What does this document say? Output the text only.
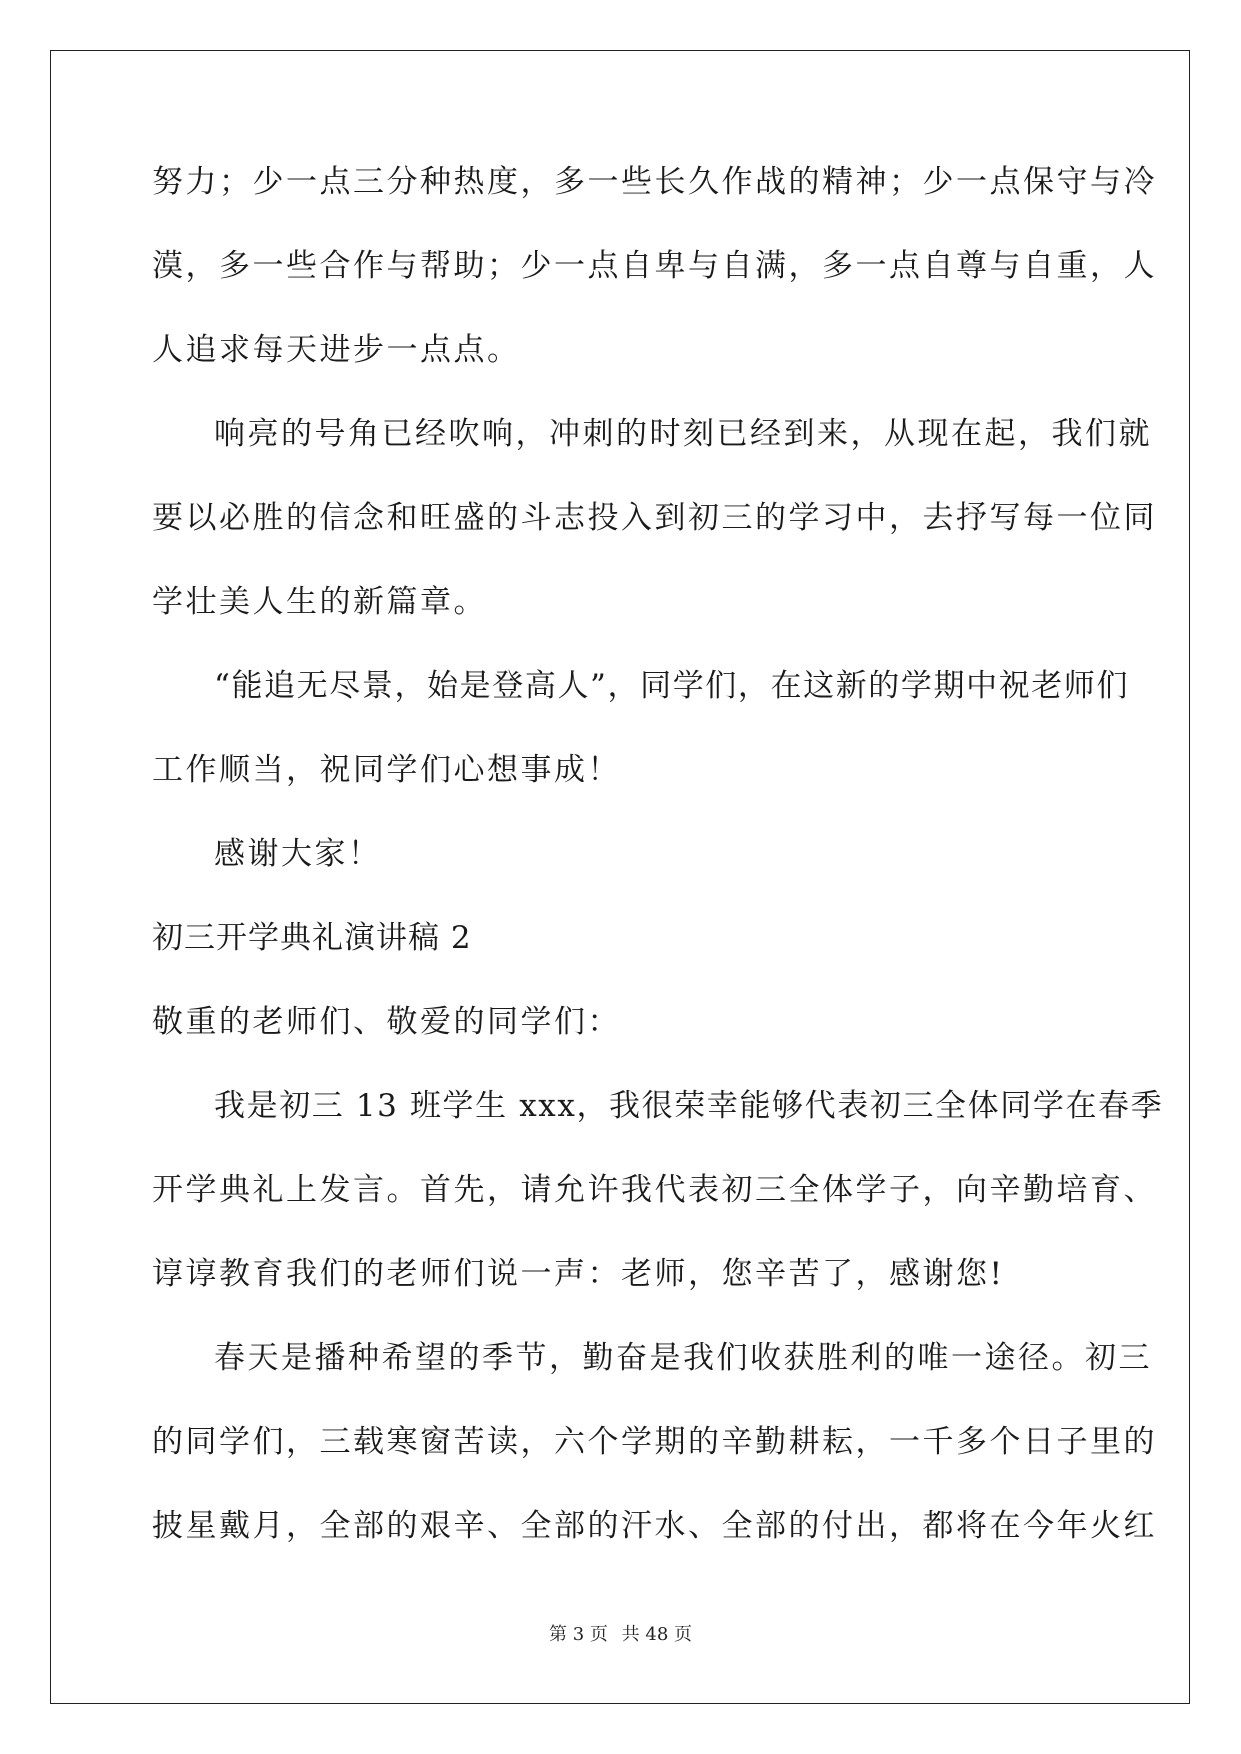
努力；少一点三分种热度，多一些长久作战的精神；少一点保守与冷
漠，多一些合作与帮助；少一点自卑与自满，多一点自尊与自重，人
人追求每天进步一点点。
响亮的号角已经吹响，冲刺的时刻已经到来，从现在起，我们就
要以必胜的信念和旺盛的斗志投入到初三的学习中，去抒写每一位同
学壮美人生的新篇章。
“能追无尽景，始是登高人”，同学们，在这新的学期中祝老师们
工作顺当，祝同学们心想事成！
感谢大家！
初三开学典礼演讲稿 2
敬重的老师们、敬爱的同学们：
我是初三 13 班学生 xxx，我很荣幸能够代表初三全体同学在春季
开学典礼上发言。首先，请允许我代表初三全体学子，向辛勤培育、
谆谆教育我们的老师们说一声：老师，您辛苦了，感谢您!
春天是播种希望的季节，勤奋是我们收获胜利的唯一途径。初三
的同学们，三载寒窗苦读，六个学期的辛勤耕耘，一千多个日子里的
披星戴月，全部的艰辛、全部的汗水、全部的付出，都将在今年火红
第 3 页 共 48 页
